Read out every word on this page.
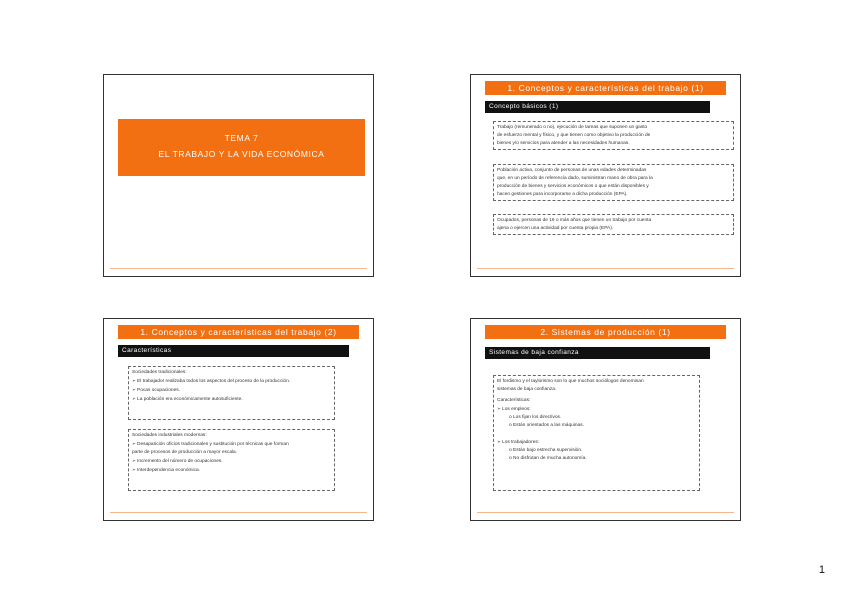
TEMA 7
EL TRABAJO Y LA VIDA ECONÓMICA
1. Conceptos y características del trabajo (1)
Concepto básicos (1)
Trabajo (remunerado o no), ejecución de tareas que suponen un gasto
de esfuerzo mental y físico, y que tienen como objetivo la producción de
bienes y/o servicios para atender a las necesidades humanas.
Población activa, conjunto de personas de unas edades determinadas
que, en un período de referencia dado, suministran mano de obra para la
producción de bienes y servicios económicos o que están disponibles y
hacen gestiones para incorporarse a dicha producción (EPA).
Ocupados, personas de 16 o más años que tienen un trabajo por cuenta
ajena o ejercen una actividad por cuenta propia (EPA).
1. Conceptos y características del trabajo (2)
Características
Sociedades tradicionales:
➢ El trabajador realizaba todos los aspectos del proceso de la producción.
➢ Pocas ocupaciones.
➢ La población era económicamente autosuficiente.
Sociedades industriales modernas:
➢ Desaparición oficios tradicionales y sustitución por técnicas que forman
parte de procesos de producción a mayor escala.
➢ Incremento del número de ocupaciones.
➢ Interdependencia económica.
2. Sistemas de producción (1)
Sistemas de baja confianza
El fordismo y el taylorismo son lo que muchos sociólogos denominan
sistemas de baja confianza.
Características:
➢ Los empleos:
o Los fijan los directivos.
o Están orientados a las máquinas.
➢ Los trabajadores:
o Están bajo estrecha supervisión.
o No disfrutan de mucha autonomía.
1
